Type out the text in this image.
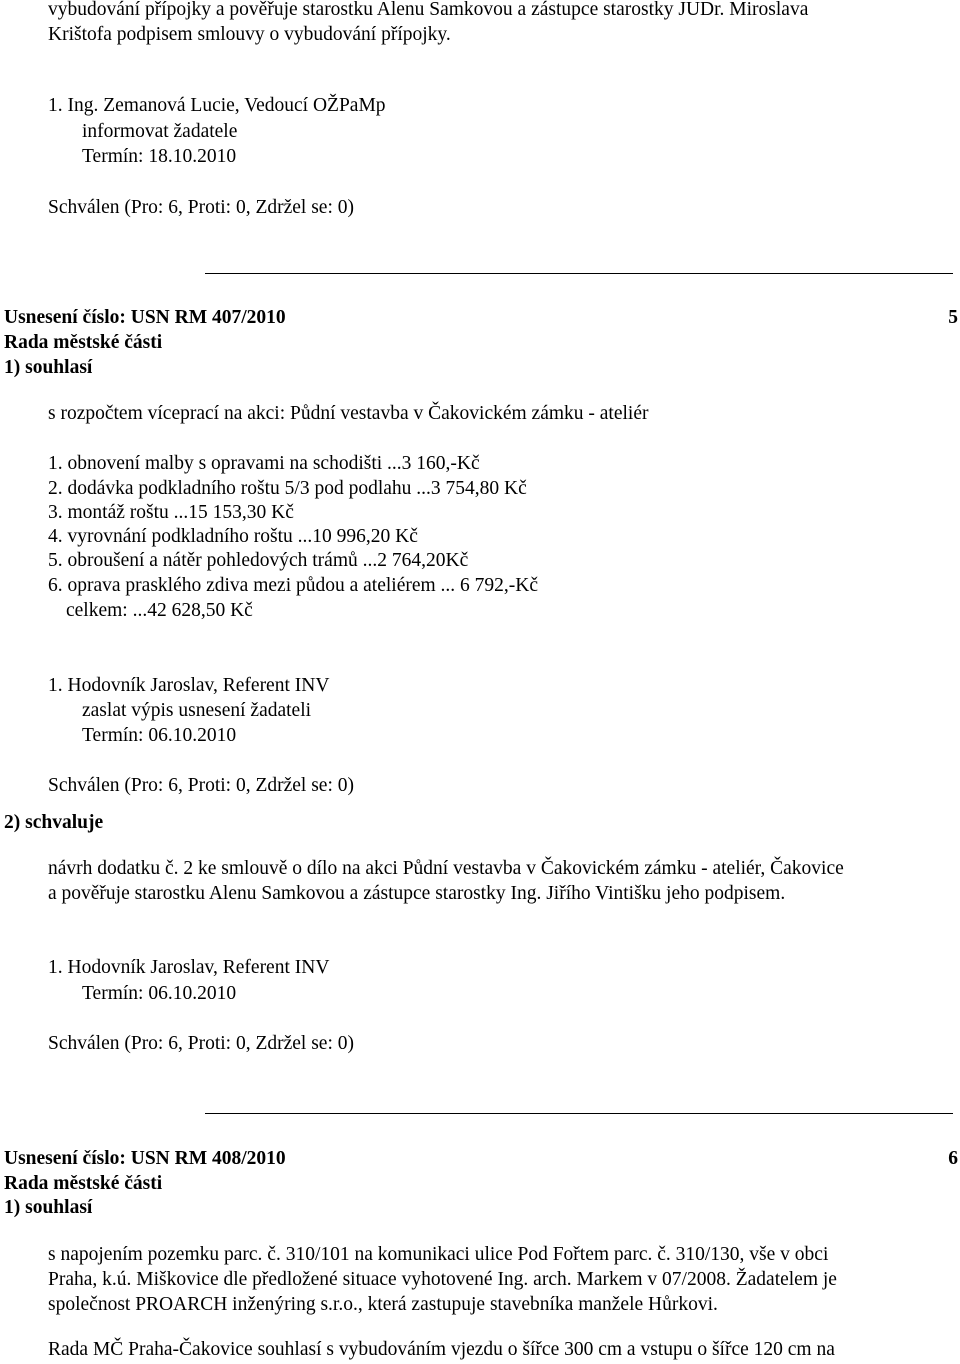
vybudování přípojky a pověřuje starostku Alenu Samkovou a zástupce starostky JUDr. Miroslava
Krištofa podpisem smlouvy o vybudování přípojky.
1. Ing. Zemanová Lucie, Vedoucí OŽPaMp
informovat žadatele
Termín: 18.10.2010
Schválen (Pro: 6, Proti: 0, Zdržel se: 0)
Usnesení číslo: USN RM 407/2010	5
Rada městské části
1) souhlasí
s rozpočtem víceprací na akci: Půdní vestavba v Čakovickém zámku - ateliér
1. obnovení malby s opravami na schodišti ...3 160,-Kč
2. dodávka podkladního roštu 5/3 pod podlahu ...3 754,80 Kč
3. montáž roštu ...15 153,30 Kč
4. vyrovnání podkladního roštu ...10 996,20 Kč
5. obroušení a nátěr pohledových trámů ...2 764,20Kč
6. oprava prasklého zdiva mezi půdou a ateliérem ... 6 792,-Kč
celkem: ...42 628,50 Kč
1. Hodovník Jaroslav, Referent INV
zaslat výpis usnesení žadateli
Termín: 06.10.2010
Schválen (Pro: 6, Proti: 0, Zdržel se: 0)
2) schvaluje
návrh dodatku č. 2 ke smlouvě o dílo na akci Půdní vestavba v Čakovickém zámku - ateliér, Čakovice
a pověřuje starostku Alenu Samkovou a zástupce starostky Ing. Jiřího Vintišku jeho podpisem.
1. Hodovník Jaroslav, Referent INV
Termín: 06.10.2010
Schválen (Pro: 6, Proti: 0, Zdržel se: 0)
Usnesení číslo: USN RM 408/2010	6
Rada městské části
1) souhlasí
s napojením pozemku parc. č. 310/101 na komunikaci ulice Pod Fořtem parc. č. 310/130, vše v obci
Praha, k.ú. Miškovice dle předložené situace vyhotovené Ing. arch. Markem v 07/2008. Žadatelem je
společnost PROARCH inženýring s.r.o., která zastupuje stavebníka manžele Hůrkovi.
Rada MČ Praha-Čakovice souhlasí s vybudováním vjezdu o šířce 300 cm a vstupu o šířce 120 cm na
